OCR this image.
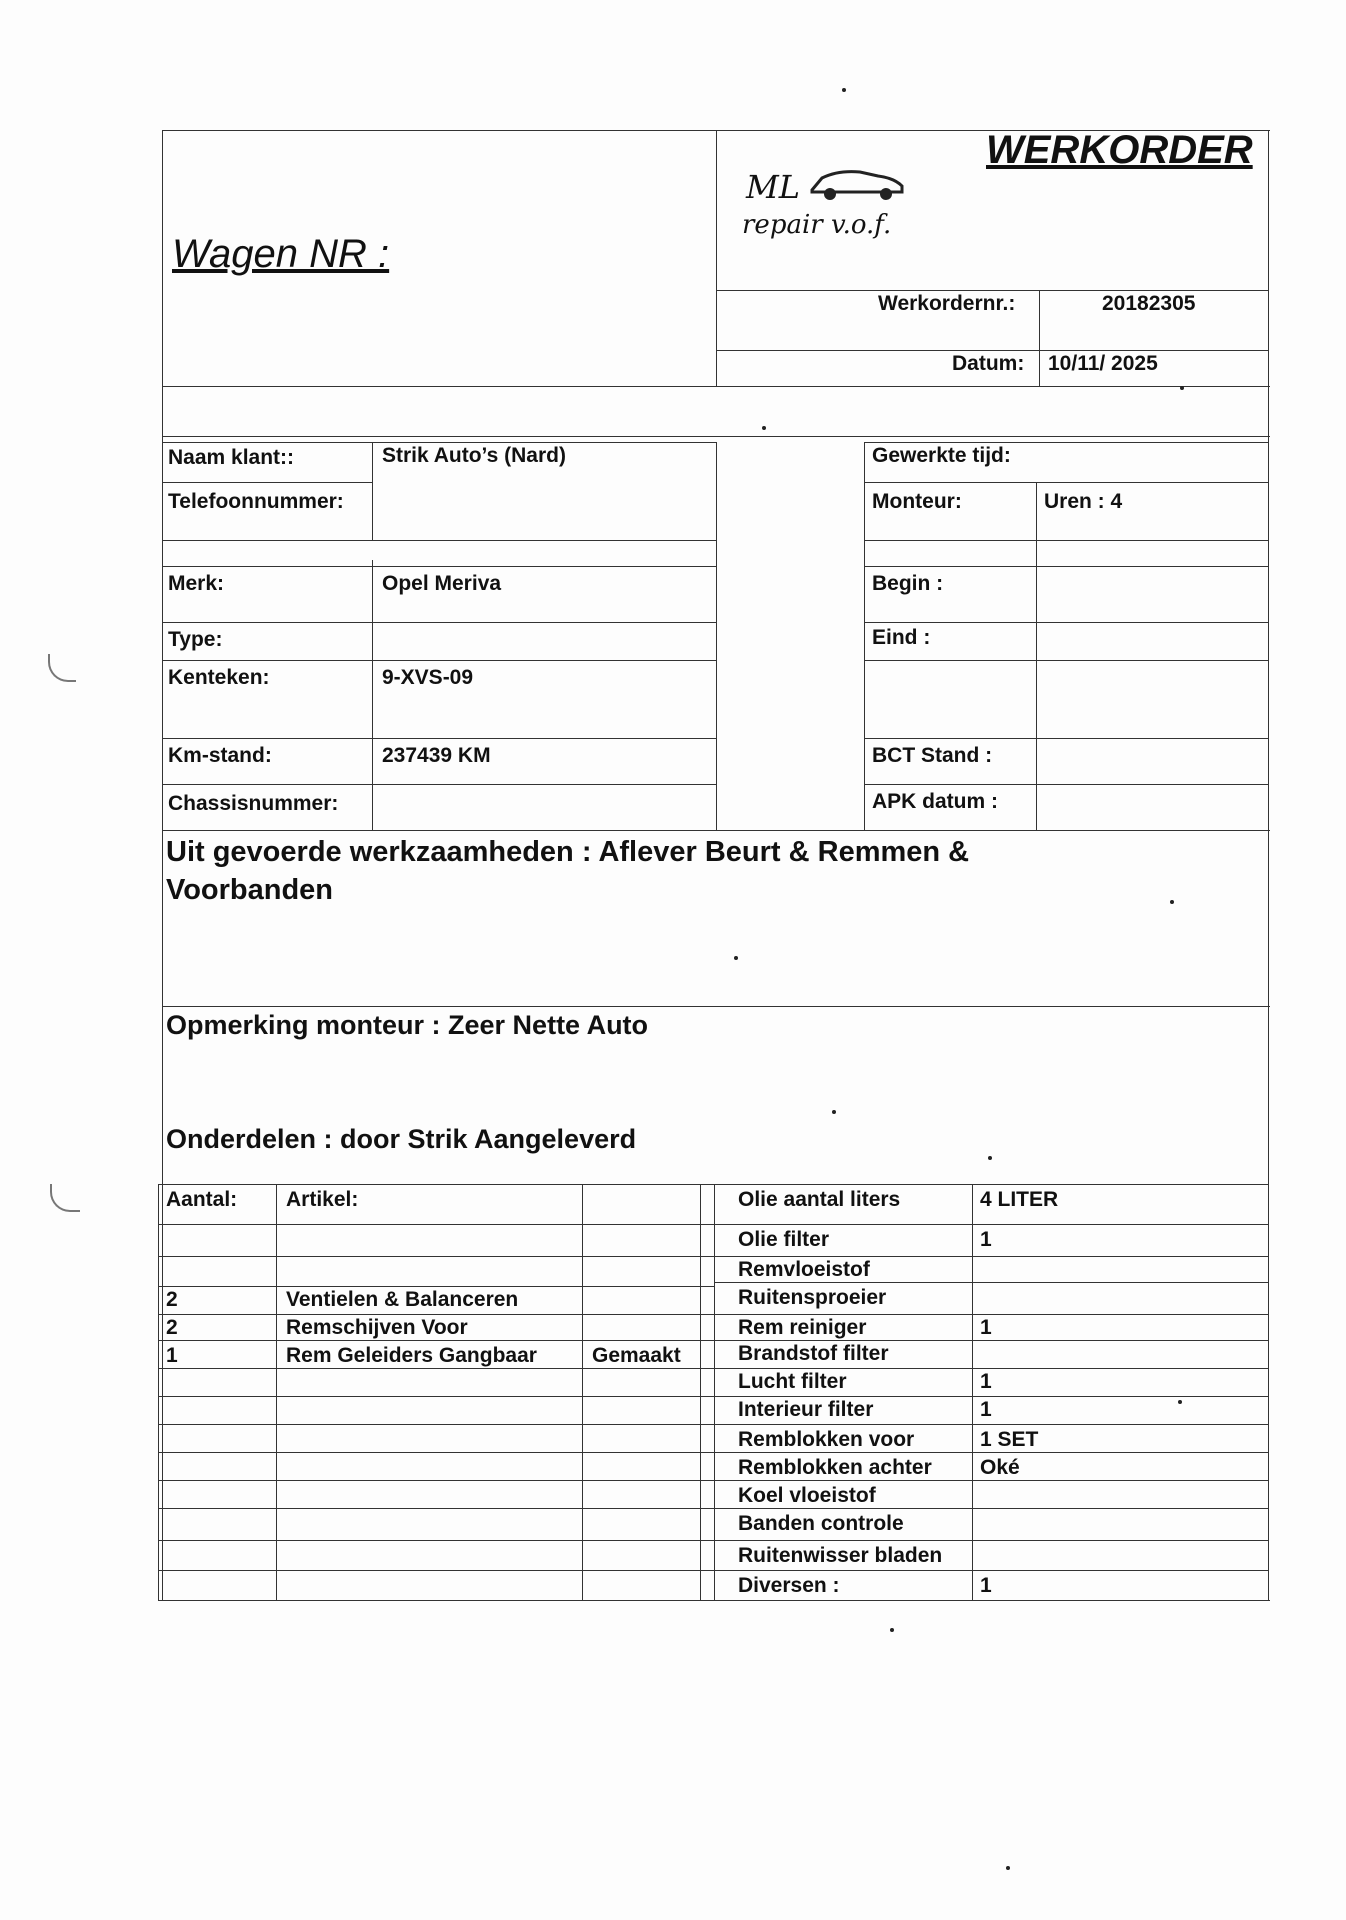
Wagen NR :
ML
repair v.o.f.
WERKORDER
Werkordernr.:	20182305
Datum: 10/11/ 2025
Naam klant::	Strik Auto’s (Nard)
Telefoonnummer:
Merk:	Opel Meriva
Type:
Kenteken:	9-XVS-09
Km-stand:	237439 KM
Chassisnummer:
Gewerkte tijd:
Monteur:	Uren : 4
Begin :
Eind :
BCT Stand :
APK datum :
Uit gevoerde werkzaamheden : Aflever Beurt & Remmen &
Voorbanden
Opmerking monteur : Zeer Nette Auto
Onderdelen : door Strik Aangeleverd
Aantal: Artikel:
2	Ventielen & Balanceren
2	Remschijven Voor
1	Rem Geleiders Gangbaar	Gemaakt
Olie aantal liters	4 LITER
Olie filter	1
Remvloeistof
Ruitensproeier
Rem reiniger	1
Brandstof filter
Lucht filter	1
Interieur filter	1
Remblokken voor	1 SET
Remblokken achter Oké
Koel vloeistof
Banden controle
Ruitenwisser bladen
Diversen :	1
